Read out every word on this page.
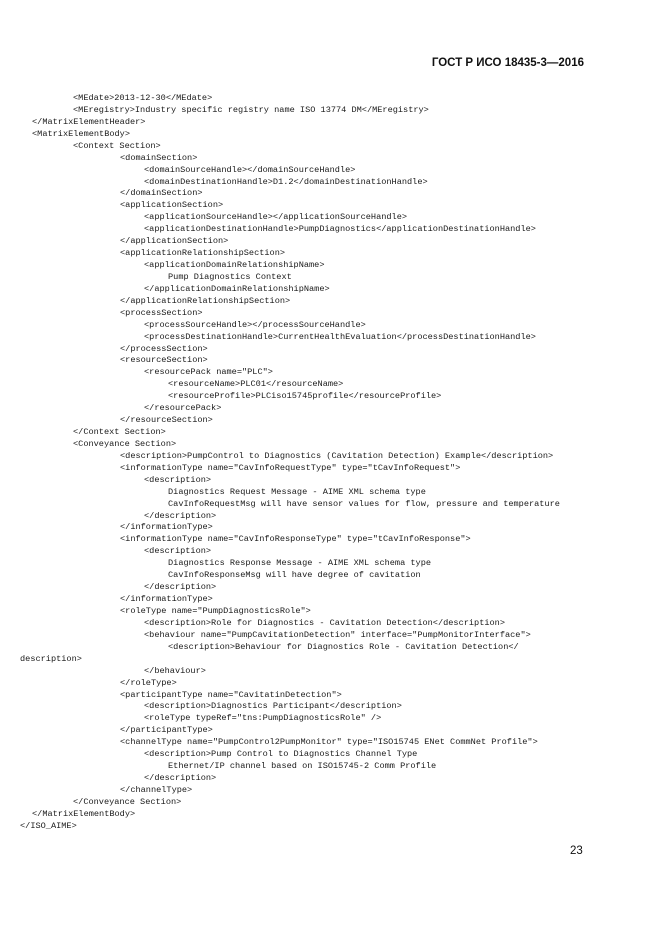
ГОСТ Р ИСО 18435-3—2016
<MEdate>2013-12-30</MEdate>
<MEregistry>Industry specific registry name ISO 13774 DM</MEregistry>
</MatrixElementHeader>
<MatrixElementBody>
<Context Section>
<domainSection>
<domainSourceHandle></domainSourceHandle>
<domainDestinationHandle>D1.2</domainDestinationHandle>
</domainSection>
<applicationSection>
<applicationSourceHandle></applicationSourceHandle>
<applicationDestinationHandle>PumpDiagnostics</applicationDestinationHandle>
</applicationSection>
<applicationRelationshipSection>
<applicationDomainRelationshipName>
Pump Diagnostics Context
</applicationDomainRelationshipName>
</applicationRelationshipSection>
<processSection>
<processSourceHandle></processSourceHandle>
<processDestinationHandle>CurrentHealthEvaluation</processDestinationHandle>
</processSection>
<resourceSection>
<resourcePack name="PLC">
<resourceName>PLC01</resourceName>
<resourceProfile>PLCiso15745profile</resourceProfile>
</resourcePack>
</resourceSection>
</Context Section>
<Conveyance Section>
<description>PumpControl to Diagnostics (Cavitation Detection) Example</description>
<informationType name="CavInfoRequestType" type="tCavInfoRequest">
<description>
Diagnostics Request Message - AIME XML schema type
CavInfoRequestMsg will have sensor values for flow, pressure and temperature
</description>
</informationType>
<informationType name="CavInfoResponseType" type="tCavInfoResponse">
<description>
Diagnostics Response Message - AIME XML schema type
CavInfoResponseMsg will have degree of cavitation
</description>
</informationType>
<roleType name="PumpDiagnosticsRole">
<description>Role for Diagnostics - Cavitation Detection</description>
<behaviour name="PumpCavitationDetection" interface="PumpMonitorInterface">
<description>Behaviour for Diagnostics Role - Cavitation Detection</
description>
</behaviour>
</roleType>
<participantType name="CavitatinDetection">
<description>Diagnostics Participant</description>
<roleType typeRef="tns:PumpDiagnosticsRole" />
</participantType>
<channelType name="PumpControl2PumpMonitor" type="ISO15745 ENet CommNet Profile">
<description>Pump Control to Diagnostics Channel Type
Ethernet/IP channel based on ISO15745-2 Comm Profile
</description>
</channelType>
</Conveyance Section>
</MatrixElementBody>
</ISO_AIME>
23
